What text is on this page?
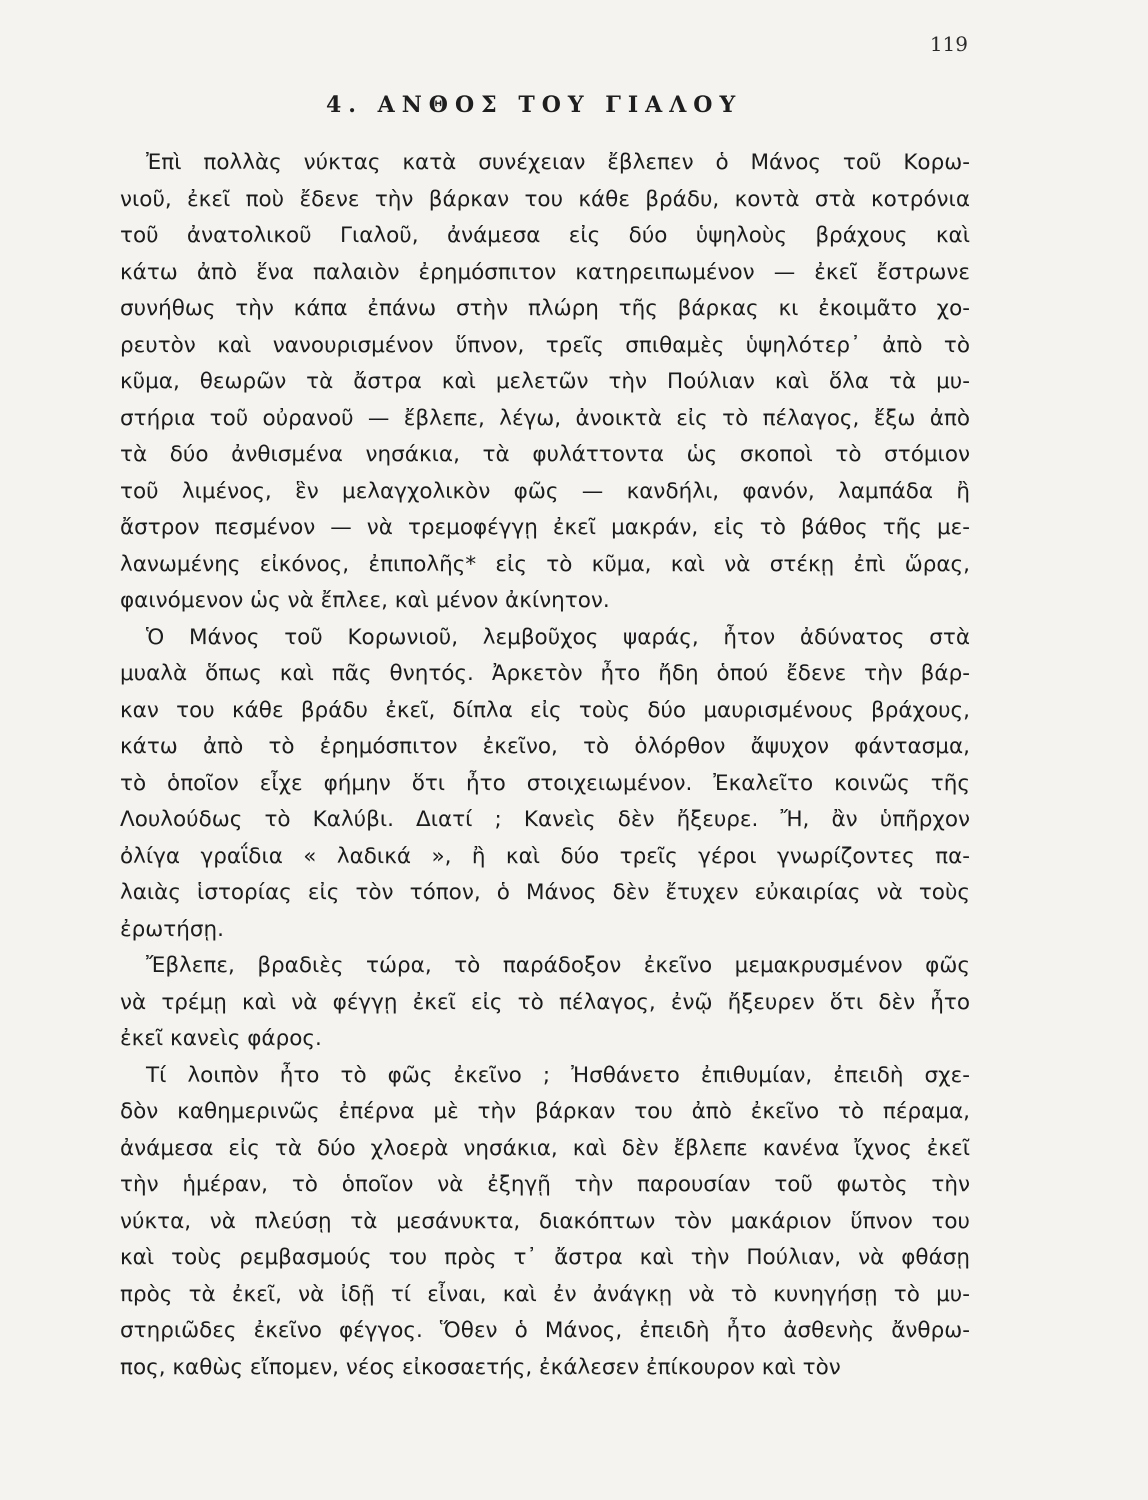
119
4. ΑΝΘΟΣ ΤΟΥ ΓΙΑΛΟΥ
Ἐπὶ πολλὰς νύκτας κατὰ συνέχειαν ἔβλεπεν ὁ Μάνος τοῦ Κορω-
νιοῦ, ἐκεῖ ποὺ ἔδενε τὴν βάρκαν του κάθε βράδυ, κοντὰ στὰ κοτρόνια
τοῦ ἀνατολικοῦ Γιαλοῦ, ἀνάμεσα εἰς δύο ὑψηλοὺς βράχους καὶ
κάτω ἀπὸ ἕνα παλαιὸν ἐρημόσπιτον κατηρειπωμένον — ἐκεῖ ἔστρωνε
συνήθως τὴν κάπα ἐπάνω στὴν πλώρη τῆς βάρκας κι ἐκοιμᾶτο χο-
ρευτὸν καὶ νανουρισμένον ὕπνον, τρεῖς σπιθαμὲς ὑψηλότερ᾽ ἀπὸ τὸ
κῦμα, θεωρῶν τὰ ἄστρα καὶ μελετῶν τὴν Πούλιαν καὶ ὅλα τὰ μυ-
στήρια τοῦ οὐρανοῦ — ἔβλεπε, λέγω, ἀνοικτὰ εἰς τὸ πέλαγος, ἔξω ἀπὸ
τὰ δύο ἀνθισμένα νησάκια, τὰ φυλάττοντα ὡς σκοποὶ τὸ στόμιον
τοῦ λιμένος, ἓν μελαγχολικὸν φῶς — κανδήλι, φανόν, λαμπάδα ἢ
ἄστρον πεσμένον — νὰ τρεμοφέγγῃ ἐκεῖ μακράν, εἰς τὸ βάθος τῆς με-
λανωμένης εἰκόνος, ἐπιπολῆς* εἰς τὸ κῦμα, καὶ νὰ στέκῃ ἐπὶ ὥρας,
φαινόμενον ὡς νὰ ἔπλεε, καὶ μένον ἀκίνητον.
Ὁ Μάνος τοῦ Κορωνιοῦ, λεμβοῦχος ψαράς, ἦτον ἀδύνατος στὰ
μυαλὰ ὅπως καὶ πᾶς θνητός. Ἀρκετὸν ἦτο ἤδη ὁπού ἔδενε τὴν βάρ-
καν του κάθε βράδυ ἐκεῖ, δίπλα εἰς τοὺς δύο μαυρισμένους βράχους,
κάτω ἀπὸ τὸ ἐρημόσπιτον ἐκεῖνο, τὸ ὁλόρθον ἄψυχον φάντασμα,
τὸ ὁποῖον εἶχε φήμην ὅτι ἦτο στοιχειωμένον. Ἐκαλεῖτο κοινῶς τῆς
Λουλούδως τὸ Καλύβι. Διατί ; Κανεὶς δὲν ἤξευρε. Ἤ, ἂν ὑπῆρχον
ὀλίγα γραΐδια « λαδικά », ἢ καὶ δύο τρεῖς γέροι γνωρίζοντες πα-
λαιὰς ἱστορίας εἰς τὸν τόπον, ὁ Μάνος δὲν ἔτυχεν εὐκαιρίας νὰ τοὺς
ἐρωτήσῃ.
Ἔβλεπε, βραδιὲς τώρα, τὸ παράδοξον ἐκεῖνο μεμακρυσμένον φῶς
νὰ τρέμῃ καὶ νὰ φέγγῃ ἐκεῖ εἰς τὸ πέλαγος, ἐνῷ ἤξευρεν ὅτι δὲν ἦτο
ἐκεῖ κανεὶς φάρος.
Τί λοιπὸν ἦτο τὸ φῶς ἐκεῖνο ; Ἠσθάνετο ἐπιθυμίαν, ἐπειδὴ σχε-
δὸν καθημερινῶς ἐπέρνα μὲ τὴν βάρκαν του ἀπὸ ἐκεῖνο τὸ πέραμα,
ἀνάμεσα εἰς τὰ δύο χλοερὰ νησάκια, καὶ δὲν ἔβλεπε κανένα ἴχνος ἐκεῖ
τὴν ἡμέραν, τὸ ὁποῖον νὰ ἐξηγῇ τὴν παρουσίαν τοῦ φωτὸς τὴν
νύκτα, νὰ πλεύσῃ τὰ μεσάνυκτα, διακόπτων τὸν μακάριον ὕπνον του
καὶ τοὺς ρεμβασμούς του πρὸς τ᾽ ἄστρα καὶ τὴν Πούλιαν, νὰ φθάσῃ
πρὸς τὰ ἐκεῖ, νὰ ἰδῇ τί εἶναι, καὶ ἐν ἀνάγκῃ νὰ τὸ κυνηγήσῃ τὸ μυ-
στηριῶδες ἐκεῖνο φέγγος. Ὅθεν ὁ Μάνος, ἐπειδὴ ἦτο ἀσθενὴς ἄνθρω-
πος, καθὼς εἴπομεν, νέος εἰκοσαετής, ἐκάλεσεν ἐπίκουρον καὶ τὸν
